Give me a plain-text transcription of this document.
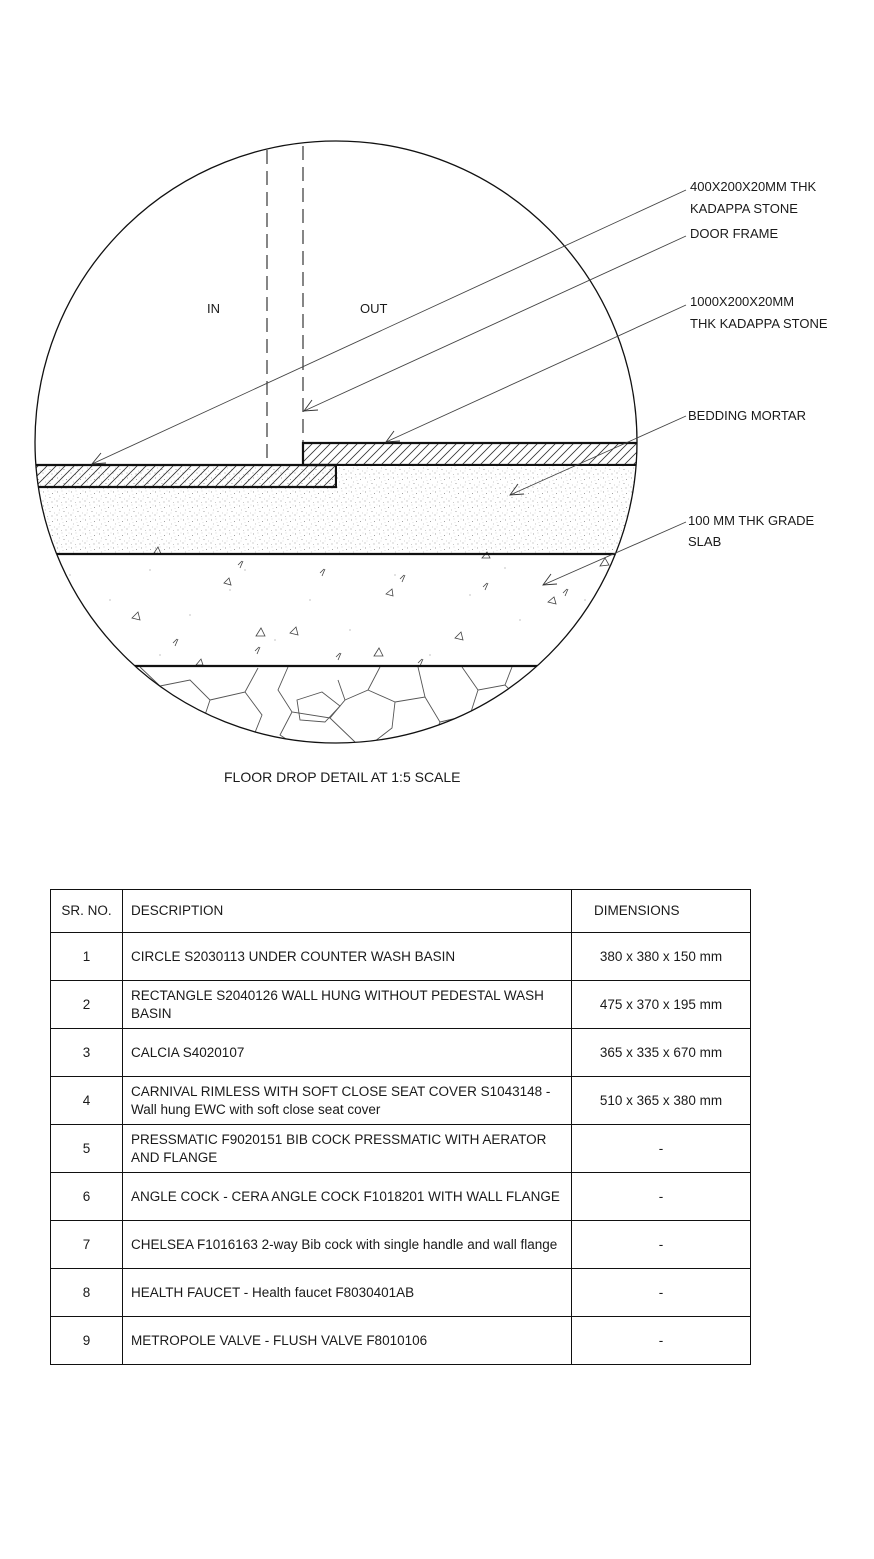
IN	OUT
400X200X20MM THK KADAPPA STONE
DOOR FRAME
1000X200X20MM THK KADAPPA STONE
BEDDING MORTAR
100 MM THK GRADE SLAB
FLOOR DROP DETAIL AT 1:5 SCALE
SR. NO.	DESCRIPTION	DIMENSIONS
1	CIRCLE S2030113 UNDER COUNTER WASH BASIN	380 x 380 x 150 mm
2	RECTANGLE S2040126 WALL HUNG WITHOUT PEDESTAL WASH BASIN	475 x 370 x 195 mm
3	CALCIA S4020107	365 x 335 x 670 mm
4	CARNIVAL RIMLESS WITH SOFT CLOSE SEAT COVER S1043148 - Wall hung EWC with soft close seat cover	510 x 365 x 380 mm
5	PRESSMATIC F9020151 BIB COCK PRESSMATIC WITH AERATOR AND FLANGE	-
6	ANGLE COCK - CERA ANGLE COCK F1018201 WITH WALL FLANGE	-
7	CHELSEA F1016163 2-way Bib cock with single handle and wall flange	-
8	HEALTH FAUCET - Health faucet F8030401AB	-
9	METROPOLE VALVE - FLUSH VALVE F8010106	-
